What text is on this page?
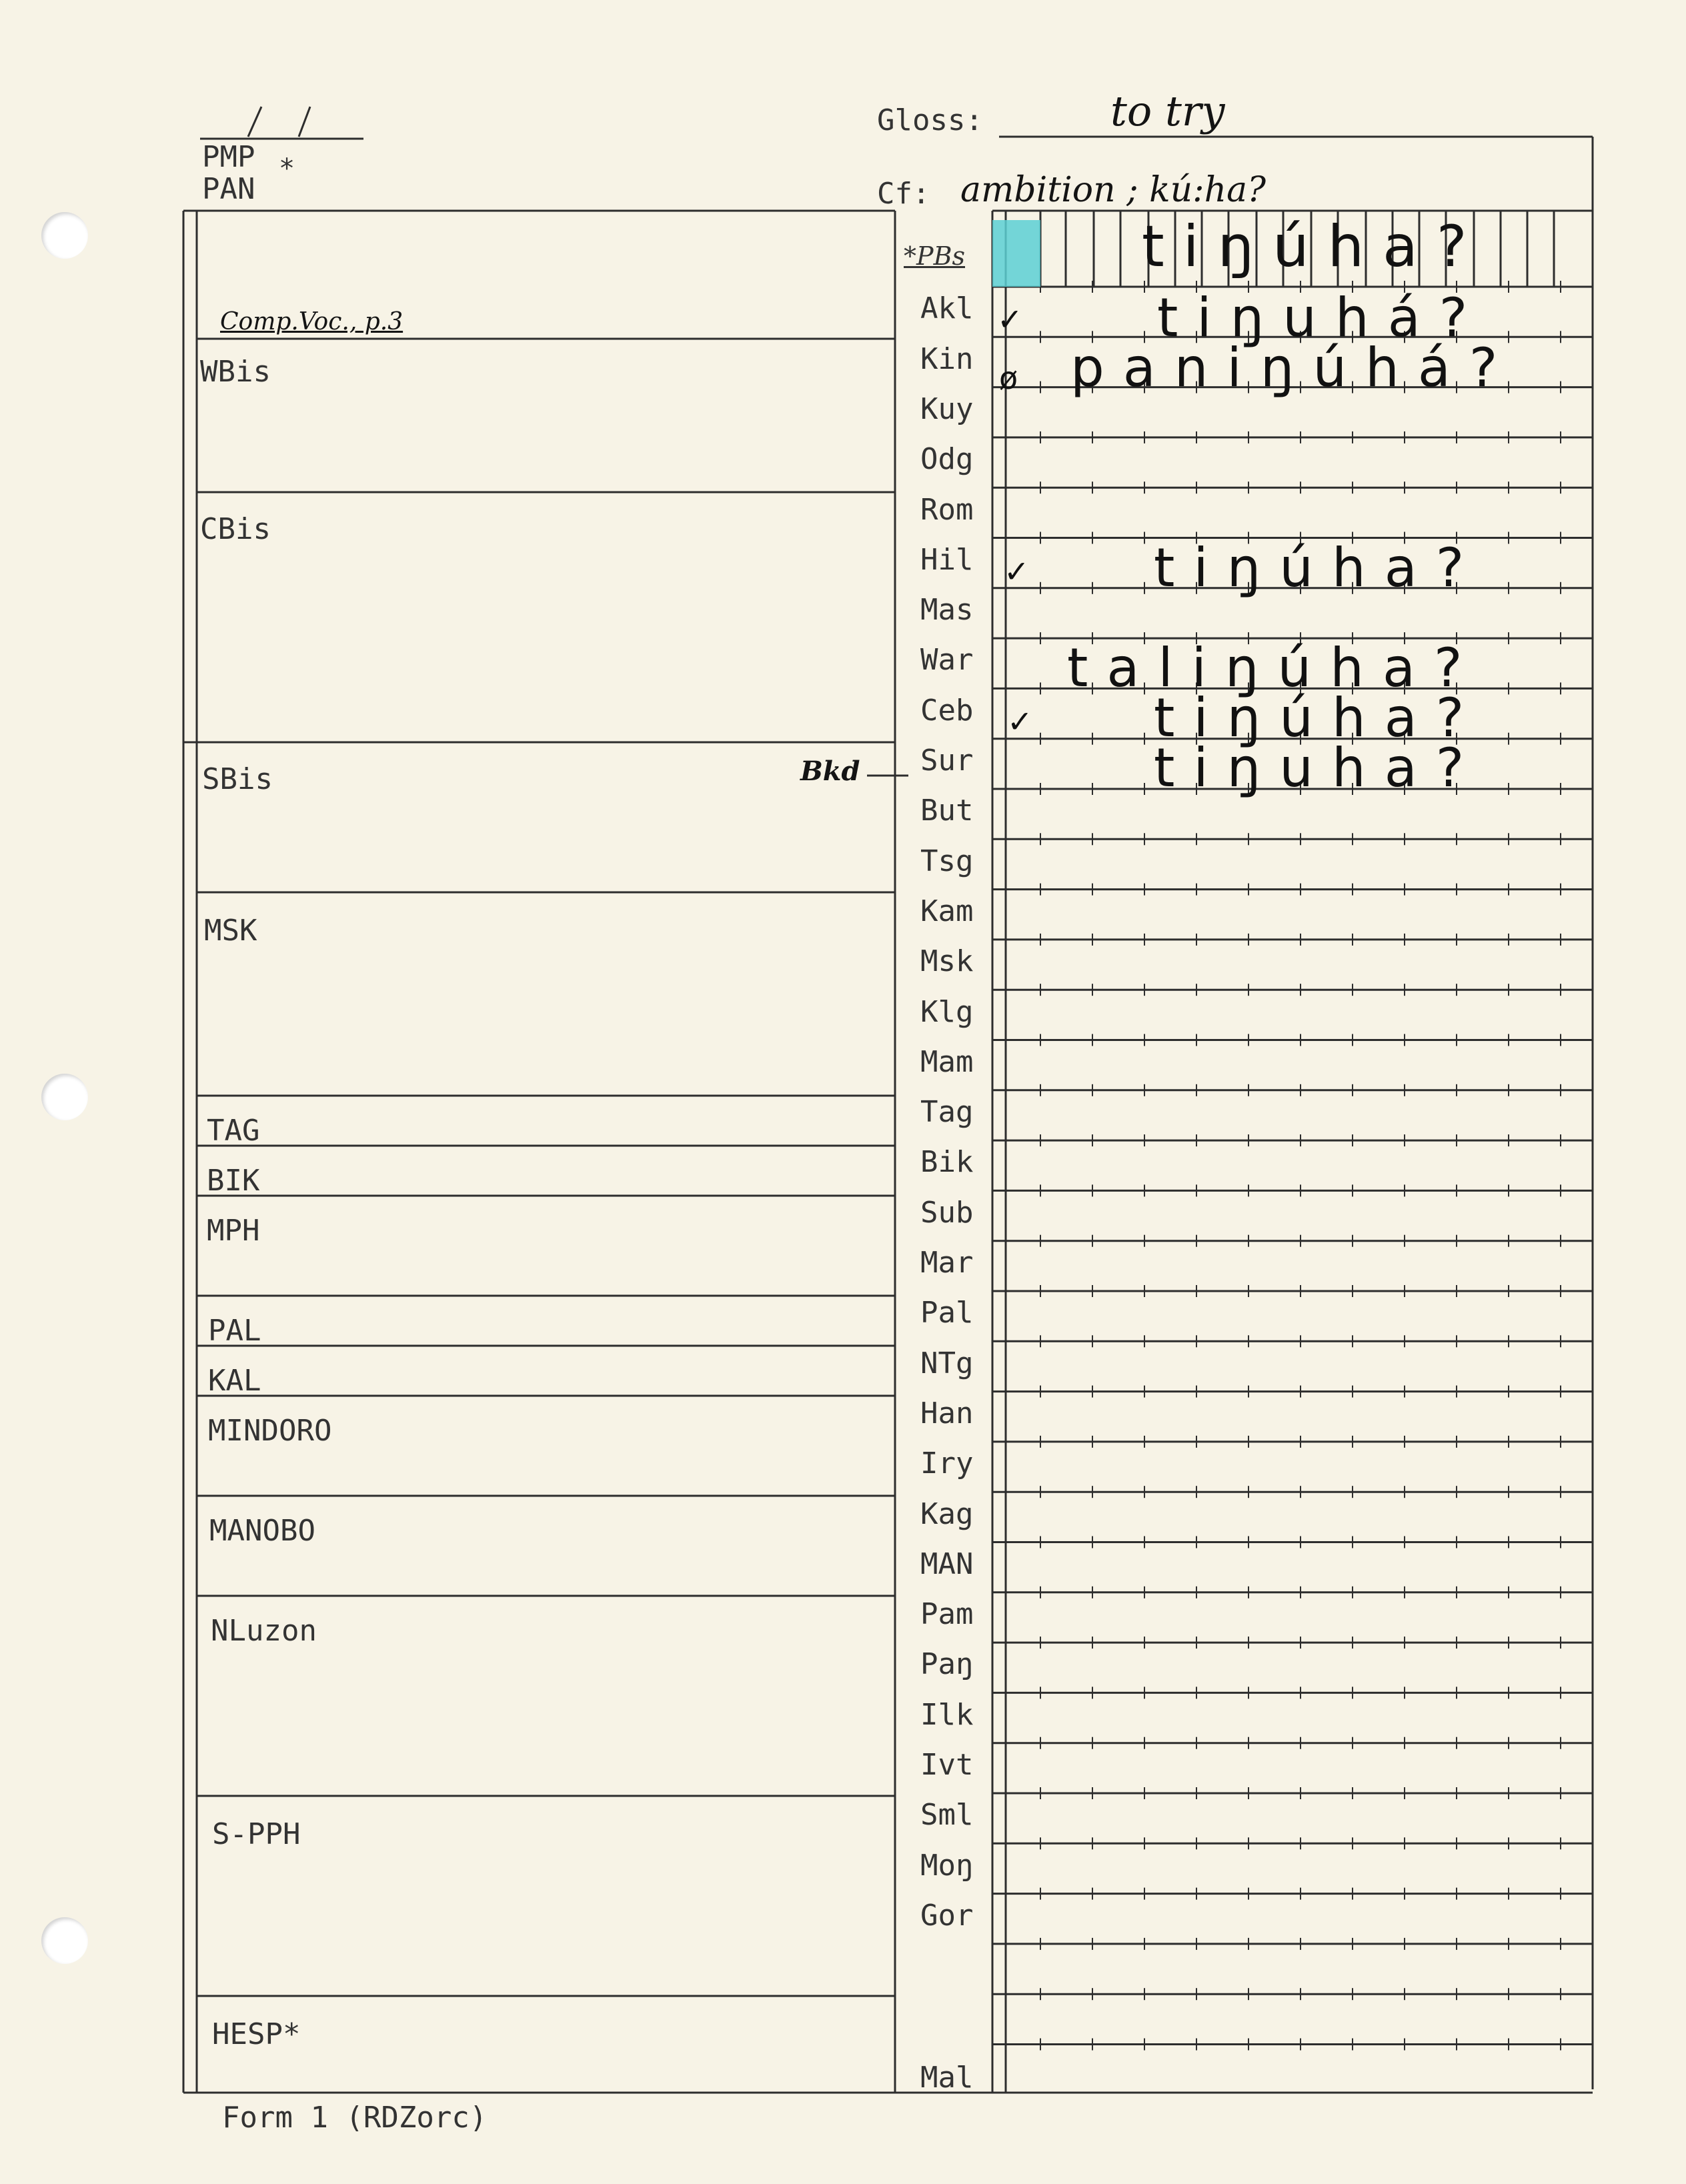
PMP *
PAN
Gloss:	to try
Cf: ambition ; kú:ha?
Comp.Voc., p.3
Bkd
WBis
CBis
SBis
MSK
TAG
BIK
MPH
PAL
KAL
MINDORO
MANOBO
NLuzon
S-PPH
HESP*
*PBs
Akl
Kin
Kuy
Odg
Rom
Hil
Mas
War
Ceb
Sur
But
Tsg
Kam
Msk
Klg
Mam
Tag
Bik
Sub
Mar
Pal
NTg
Han
Iry
Kag
MAN
Pam
Paŋ
Ilk
Ivt
Sml
Moŋ
Gor
Mal
tiŋúha?
tiŋuhá?
paniŋúhá?
tiŋúha?
taliŋúha?
tiŋúha?
tiŋuha?
✓
ø
✓
✓
Form 1 (RDZorc)
